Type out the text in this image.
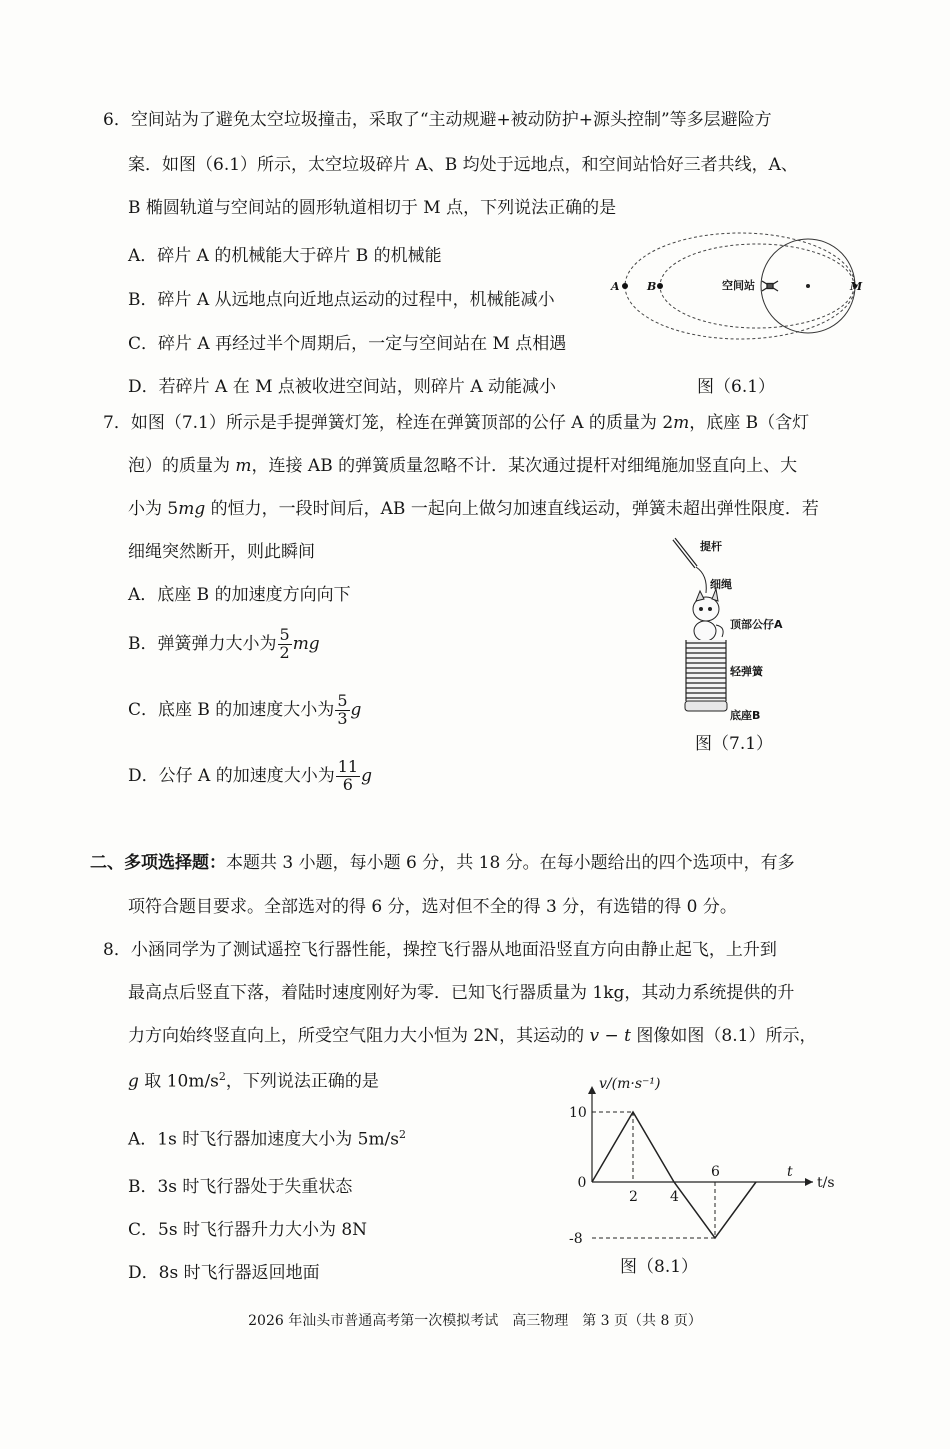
6．空间站为了避免太空垃圾撞击，采取了“主动规避+被动防护+源头控制”等多层避险方
案．如图（6.1）所示，太空垃圾碎片 A、B 均处于远地点，和空间站恰好三者共线，A、
B 椭圆轨道与空间站的圆形轨道相切于 M 点，下列说法正确的是
A．碎片 A 的机械能大于碎片 B 的机械能
B．碎片 A 从远地点向近地点运动的过程中，机械能减小
C．碎片 A 再经过半个周期后，一定与空间站在 M 点相遇
D．若碎片 A 在 M 点被收进空间站，则碎片 A 动能减小
A B	空间站	M
图（6.1）
7．如图（7.1）所示是手提弹簧灯笼，栓连在弹簧顶部的公仔 A 的质量为 2m，底座 B（含灯
泡）的质量为 m，连接 AB 的弹簧质量忽略不计．某次通过提杆对细绳施加竖直向上、大
小为 5mg 的恒力，一段时间后，AB 一起向上做匀加速直线运动，弹簧未超出弹性限度．若
细绳突然断开，则此瞬间
A．底座 B 的加速度方向向下
B．弹簧弹力大小为 $\frac{5}{2}$ mg
C．底座 B 的加速度大小为 $\frac{5}{3}$ g
D．公仔 A 的加速度大小为 $\frac{11}{6}$ g
提杆
细绳
顶部公仔A
轻弹簧
底座B
图（7.1）
二、多项选择题：本题共 3 小题，每小题 6 分，共 18 分。在每小题给出的四个选项中，有多
项符合题目要求。全部选对的得 6 分，选对但不全的得 3 分，有选错的得 0 分。
8．小涵同学为了测试遥控飞行器性能，操控飞行器从地面沿竖直方向由静止起飞，上升到
最高点后竖直下落，着陆时速度刚好为零．已知飞行器质量为 1kg，其动力系统提供的升
力方向始终竖直向上，所受空气阻力大小恒为 2N，其运动的 v − t 图像如图（8.1）所示，
g 取 $10m/s^2$，下列说法正确的是
A．1s 时飞行器加速度大小为 $5m/s^2$
B．3s 时飞行器处于失重状态
C．5s 时飞行器升力大小为 8N
D．8s 时飞行器返回地面
v/(m·s⁻¹)
t
t/s
10
0
-8
2 4
6
图（8.1）
2026 年汕头市普通高考第一次模拟考试　高三物理　第 3 页（共 8 页）
